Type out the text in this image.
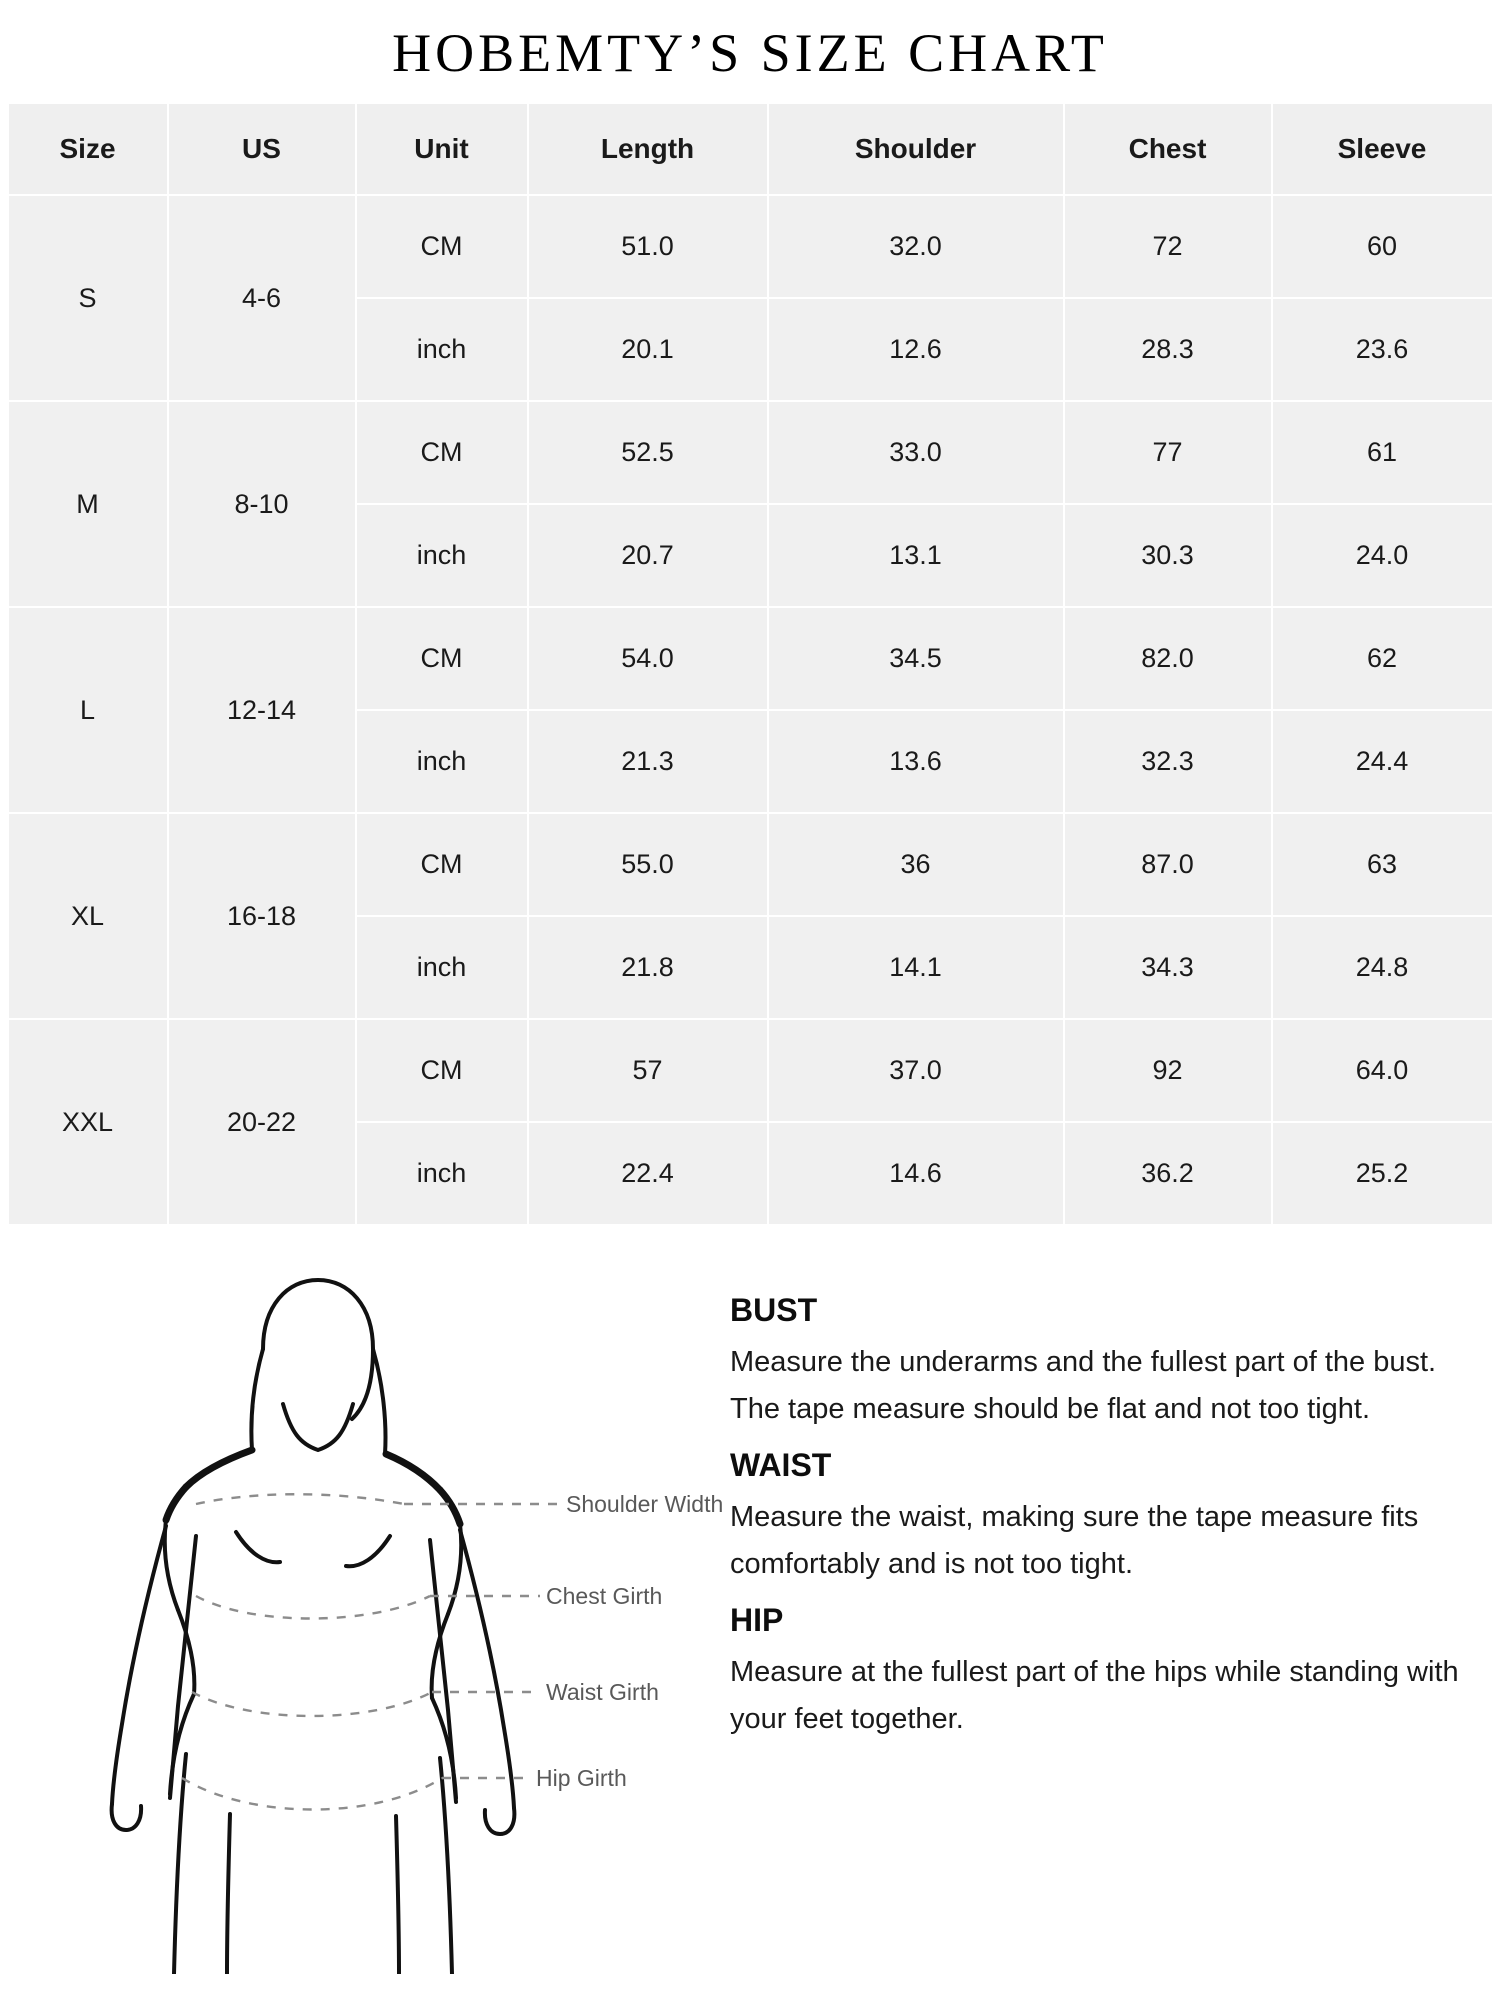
HOBEMTY’S SIZE CHART
Size	US	Unit	Length	Shoulder	Chest	Sleeve
S	4-6	CM	51.0	32.0	72	60
		inch	20.1	12.6	28.3	23.6
M	8-10	CM	52.5	33.0	77	61
		inch	20.7	13.1	30.3	24.0
L	12-14	CM	54.0	34.5	82.0	62
		inch	21.3	13.6	32.3	24.4
XL	16-18	CM	55.0	36	87.0	63
		inch	21.8	14.1	34.3	24.8
XXL	20-22	CM	57	37.0	92	64.0
		inch	22.4	14.6	36.2	25.2
Shoulder Width
Chest Girth
Waist Girth
Hip Girth
BUST

Measure the underarms and the fullest part of the bust. The tape measure should be flat and not too tight.

WAIST

Measure the waist, making sure the tape measure fits comfortably and is not too tight.

HIP

Measure at the fullest part of the hips while standing with your feet together.
